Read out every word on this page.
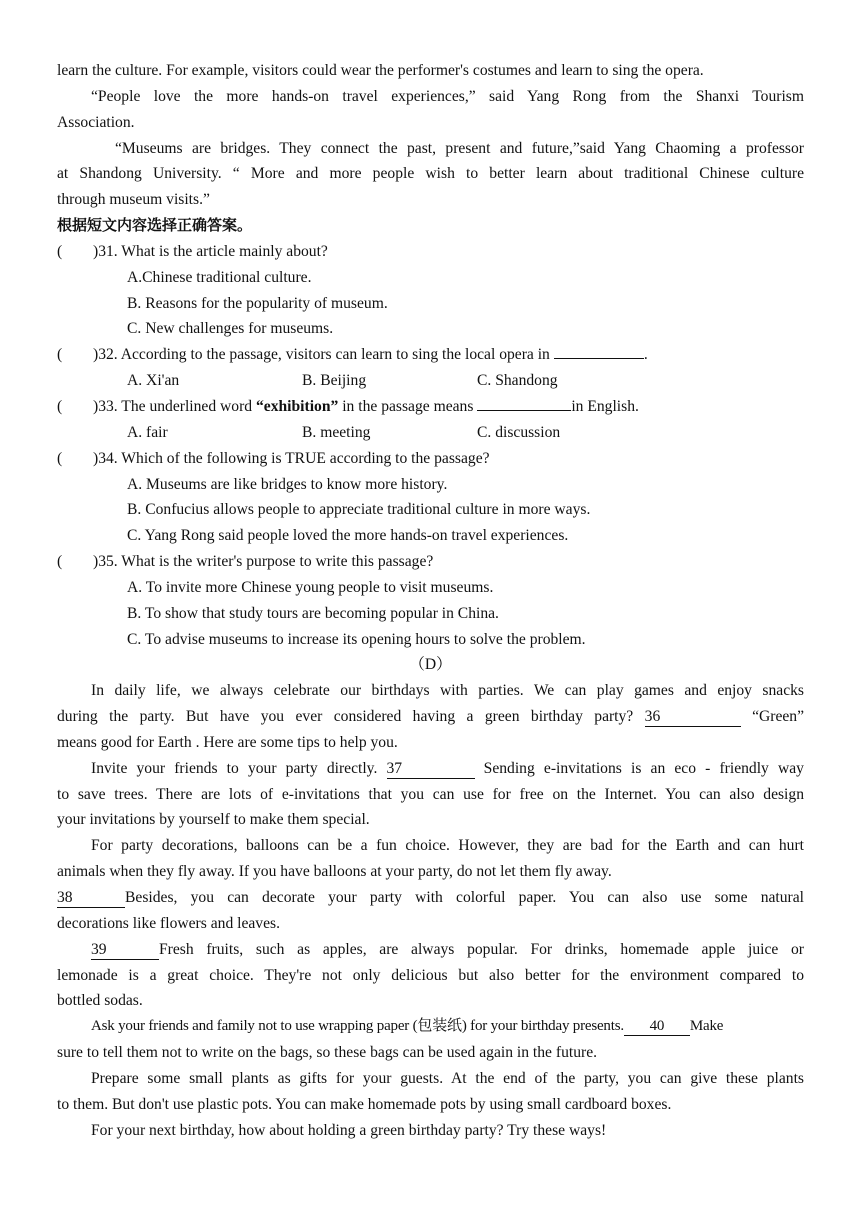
learn the culture. For example, visitors could wear the performer's costumes and learn to sing the opera.
“People love the more hands-on travel experiences,” said Yang Rong from the Shanxi Tourism
Association.
“Museums are bridges. They connect the past, present and future,”said Yang Chaoming a professor
at Shandong University. “ More and more people wish to better learn about traditional Chinese culture
through museum visits.”
根据短文内容选择正确答案。
(	)31. What is the article mainly about?
A.Chinese traditional culture.
B. Reasons for the popularity of museum.
C. New challenges for museums.
(	)32. According to the passage, visitors can learn to sing the local opera in	.
A. Xi'an	B. Beijing	C. Shandong
(	)33. The underlined word “exhibition” in the passage means	in English.
A. fair	B. meeting	C. discussion
(	)34. Which of the following is TRUE according to the passage?
A. Museums are like bridges to know more history.
B. Confucius allows people to appreciate traditional culture in more ways.
C. Yang Rong said people loved the more hands-on travel experiences.
(	)35. What is the writer's purpose to write this passage?
A. To invite more Chinese young people to visit museums.
B. To show that study tours are becoming popular in China.
C. To advise museums to increase its opening hours to solve the problem.
（D）
In daily life, we always celebrate our birthdays with parties. We can play games and enjoy snacks
during the party. But have you ever considered having a green birthday party? 36	“Green”
means good for Earth . Here are some tips to help you.
Invite your friends to your party directly. 37	Sending e-invitations is an eco - friendly way
to save trees. There are lots of e-invitations that you can use for free on the Internet. You can also design
your invitations by yourself to make them special.
For party decorations, balloons can be a fun choice. However, they are bad for the Earth and can hurt
animals when they fly away. If you have balloons at your party, do not let them fly away.
38	Besides, you can decorate your party with colorful paper. You can also use some natural
decorations like flowers and leaves.
39	Fresh fruits, such as apples, are always popular. For drinks, homemade apple juice or
lemonade is a great choice. They're not only delicious but also better for the environment compared to
bottled sodas.
Ask your friends and family not to use wrapping paper (包装纸) for your birthday presents. 40 Make
sure to tell them not to write on the bags, so these bags can be used again in the future.
Prepare some small plants as gifts for your guests. At the end of the party, you can give these plants
to them. But don't use plastic pots. You can make homemade pots by using small cardboard boxes.
For your next birthday, how about holding a green birthday party? Try these ways!
